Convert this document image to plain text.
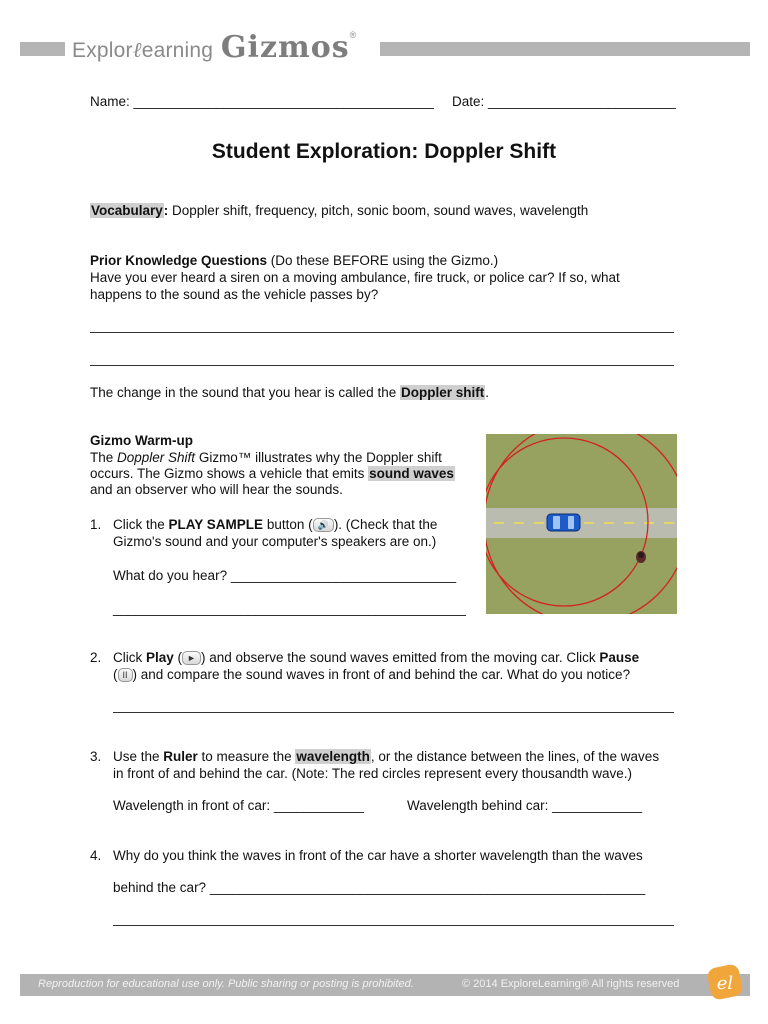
Explorℓearning Gizmos®
Name: ________________________________________ Date: _________________________
Student Exploration: Doppler Shift
Vocabulary: Doppler shift, frequency, pitch, sonic boom, sound waves, wavelength
Prior Knowledge Questions (Do these BEFORE using the Gizmo.)
Have you ever heard a siren on a moving ambulance, fire truck, or police car? If so, what
happens to the sound as the vehicle passes by?
The change in the sound that you hear is called the Doppler shift.
Gizmo Warm-up
The Doppler Shift Gizmo™ illustrates why the Doppler shift
occurs. The Gizmo shows a vehicle that emits sound waves
and an observer who will hear the sounds.
1. Click the PLAY SAMPLE button ( 🔊 ). (Check that the
Gizmo's sound and your computer's speakers are on.)
What do you hear? ______________________________
_______________________________________________
2. Click Play ( ► ) and observe the sound waves emitted from the moving car. Click Pause
( II ) and compare the sound waves in front of and behind the car. What do you notice?
3. Use the Ruler to measure the wavelength, or the distance between the lines, of the waves
in front of and behind the car. (Note: The red circles represent every thousandth wave.)
Wavelength in front of car: ____________	Wavelength behind car: ____________
4. Why do you think the waves in front of the car have a shorter wavelength than the waves
behind the car? __________________________________________________________
Reproduction for educational use only. Public sharing or posting is prohibited.	© 2014 ExploreLearning® All rights reserved el
